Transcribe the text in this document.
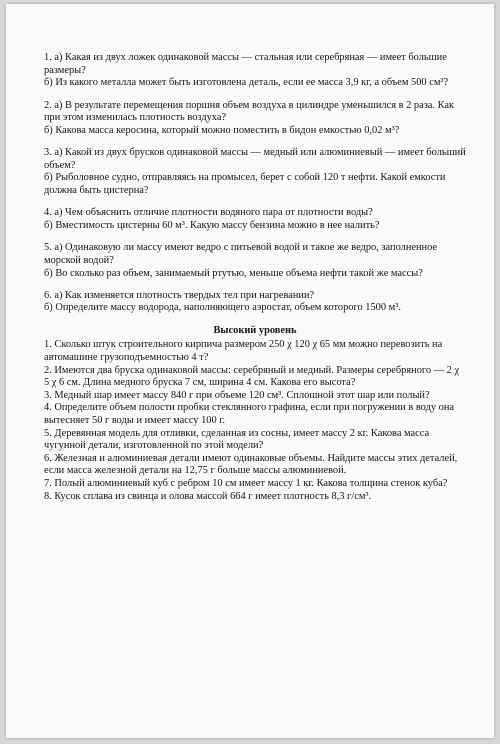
1. а) Какая из двух ложек одинаковой массы — стальная или серебряная — имеет большие размеры?

б) Из какого металла может быть изготовлена деталь, если ее масса 3,9 кг, а объем 500 см³?

2. а) В результате перемещения поршня объем воздуха в цилиндре уменьшился в 2 раза. Как при этом изменилась плотность воздуха?

б) Какова масса керосина, который можно поместить в бидон емкостью 0,02 м³?

3. а) Какой из двух брусков одинаковой массы — медный или алюминиевый — имеет больший объем?

б) Рыболовное судно, отправляясь на промысел, берет с собой 120 т нефти. Какой емкости должна быть цистерна?

4. а) Чем объяснить отличие плотности водяного пара от плотности воды?

б) Вместимость цистерны 60 м³. Какую массу бензина можно в нее налить?

5. а) Одинаковую ли массу имеют ведро с питьевой водой и такое же ведро, заполненное морской водой?

б) Во сколько раз объем, занимаемый ртутью, меньше объема нефти такой же массы?

6. а) Как изменяется плотность твердых тел при нагревании?

б) Определите массу водорода, наполняющего аэростат, объем которого 1500 м³.

Высокий уровень

1. Сколько штук строительного кирпича размером 250 χ 120 χ 65 мм можно перевозить на автомашине грузоподъемностью 4 т?

2. Имеются два бруска одинаковой массы: серебряный и медный. Размеры серебряного — 2 χ 5 χ 6 см. Длина медного бруска 7 см, ширина 4 см. Какова его высота?

3. Медный шар имеет массу 840 г при объеме 120 см³. Сплошной этот шар или полый?

4. Определите объем полости пробки стеклянного графина, если при погружении в воду она вытесняет 50 г воды и имеет массу 100 г.

5. Деревянная модель для отливки, сделанная из сосны, имеет массу 2 кг. Какова масса чугунной детали, изготовленной по этой модели?

6. Железная и алюминиевая детали имеют одинаковые объемы. Найдите массы этих деталей, если масса железной детали на 12,75 г больше массы алюминиевой.

7. Полый алюминиевый куб с ребром 10 см имеет массу 1 кг. Какова толщина стенок куба?

8. Кусок сплава из свинца и олова массой 664 г имеет плотность 8,3 г/см³.
